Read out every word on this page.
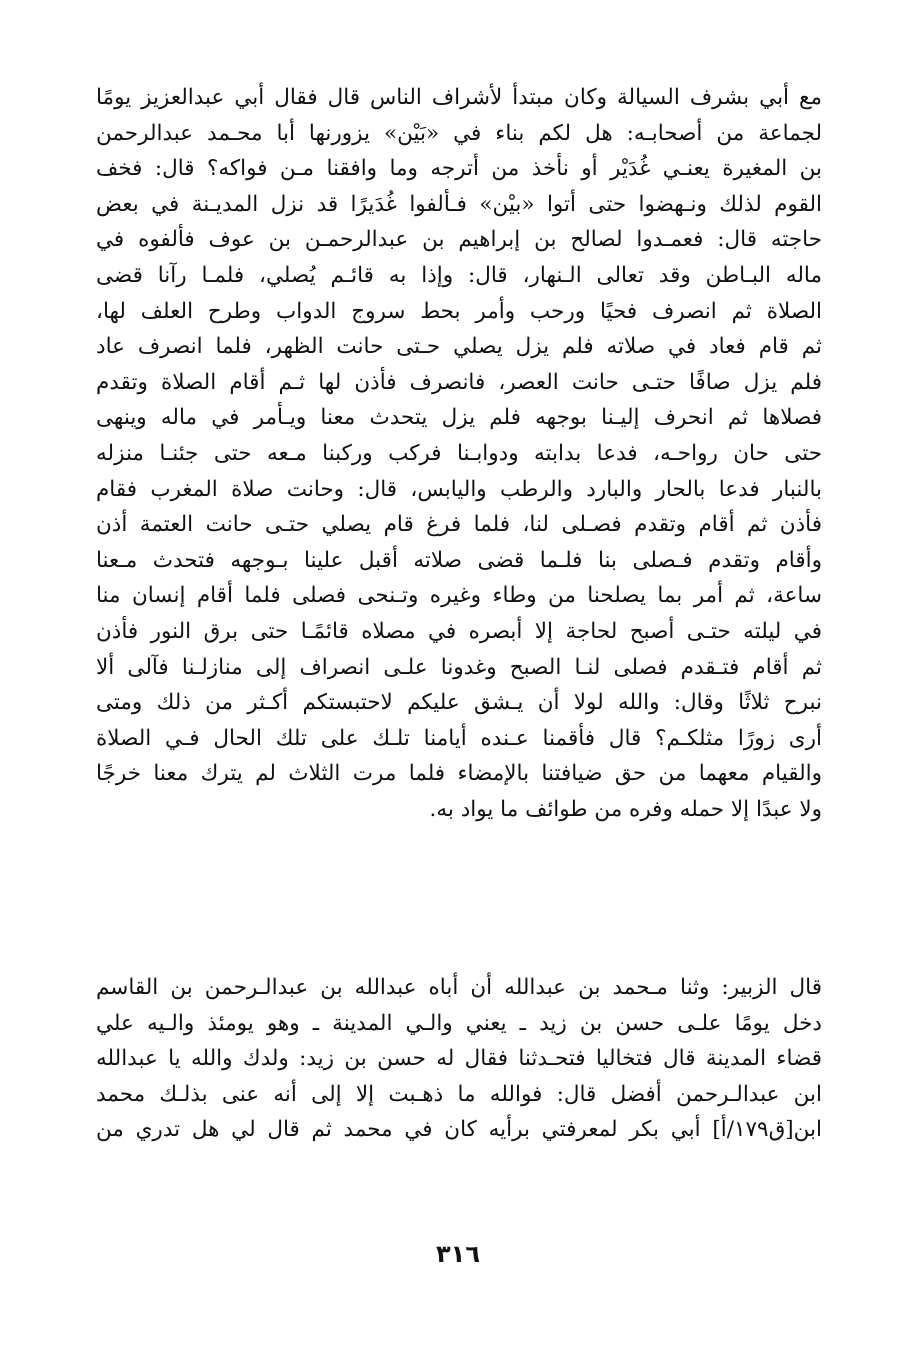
مع أبي بشرف السيالة وكان مبتدأ لأشراف الناس قال فقال أبي عبدالعزيز يومًا
لجماعة من أصحابـه: هل لكم بناء في «بَيْن» يزورنها أبا محـمد عبدالرحمن
بن المغيرة يعنـي غُدَيْر أو نأخذ من أترجه وما وافقنا مـن فواكه؟ قال: فخف
القوم لذلك ونـهضوا حتى أتوا «بيْن» فـألفوا غُدَيرًا قد نزل المديـنة في بعض
حاجته قال: فعمـدوا لصالح بن إبراهيم بن عبدالرحمـن بن عوف فألفوه في
ماله البـاطن وقد تعالى الـنهار، قال: وإذا به قائـم يُصلي، فلمـا رآنا قضى
الصلاة ثم انصرف فحيًا ورحب وأمر بحط سروج الدواب وطرح العلف لها،
ثم قام فعاد في صلاته فلم يزل يصلي حـتى حانت الظهر، فلما انصرف عاد
فلم يزل صافًا حتـى حانت العصر، فانصرف فأذن لها ثـم أقام الصلاة وتقدم
فصلاها ثم انحرف إليـنا بوجهه فلم يزل يتحدث معنا ويـأمر في ماله وينهى
حتى حان رواحـه، فدعا بدابته ودوابـنا فركب وركبنا مـعه حتى جئنـا منزله
بالنبار فدعا بالحار والبارد والرطب واليابس، قال: وحانت صلاة المغرب فقام
فأذن ثم أقام وتقدم فصـلى لنا، فلما فرغ قام يصلي حتـى حانت العتمة أذن
وأقام وتقدم فـصلى بنا فلـما قضى صلاته أقبل علينا بـوجهه فتحدث مـعنا
ساعة، ثم أمر بما يصلحنا من وطاء وغيره وتـنحى فصلى فلما أقام إنسان منا
في ليلته حتـى أصبح لحاجة إلا أبصره في مصلاه قائمًـا حتى برق النور فأذن
ثم أقام فتـقدم فصلى لنـا الصبح وغدونا علـى انصراف إلى منازلـنا فآلى ألا
نبرح ثلاثًا وقال: والله لولا أن يـشق عليكم لاحتبستكم أكـثر من ذلك ومتى
أرى زورًا مثلكـم؟ قال فأقمنا عـنده أيامنا تلـك على تلك الحال فـي الصلاة
والقيام معهما من حق ضيافتنا بالإمضاء فلما مرت الثلاث لم يترك معنا خرجًا
ولا عبدًا إلا حمله وفره من طوائف ما يواد به.
قال الزبير: وثنا مـحمد بن عبدالله أن أباه عبدالله بن عبدالـرحمن بن القاسم
دخل يومًا علـى حسن بن زيد ـ يعني والـي المدينة ـ وهو يومئذ والـيه علي
قضاء المدينة قال فتخاليا فتحـدثنا فقال له حسن بن زيد: ولدك والله يا عبدالله
ابن عبدالـرحمن أفضل قال: فوالله ما ذهـبت إلا إلى أنه عنى بذلـك محمد
ابن[ق١٧٩/أ] أبي بكر لمعرفتي برأيه كان في محمد ثم قال لي هل تدري من
٣١٦
